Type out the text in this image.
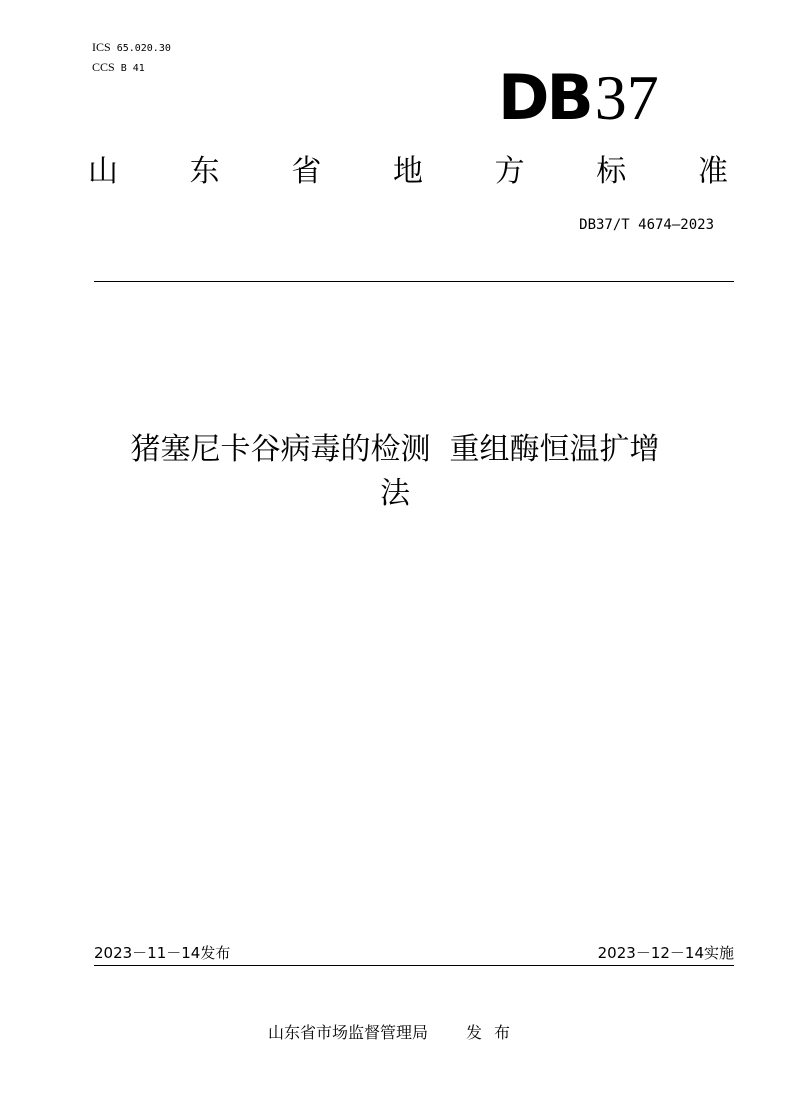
ICS 65.020.30
CCS B 41	DB37
山 东 省 地 方 标 准
DB37/T 4674—2023
猪塞尼卡谷病毒的检测  重组酶恒温扩增
法
2023－11－14发布	2023－12－14实施
山东省市场监督管理局 发布
